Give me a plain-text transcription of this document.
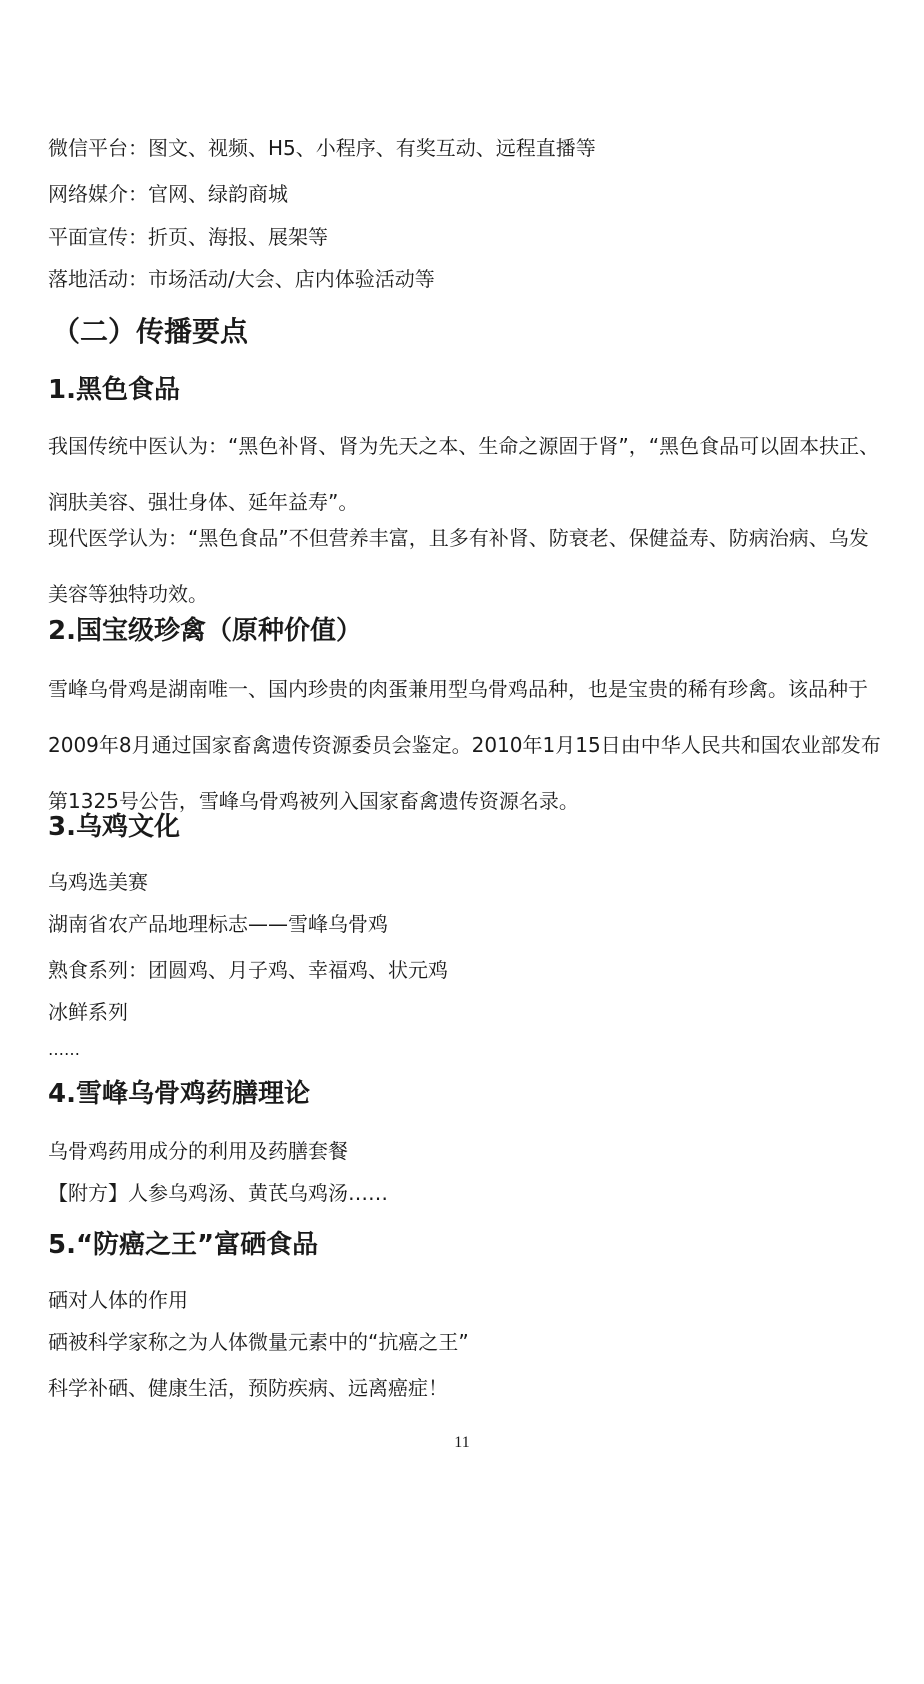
微信平台：图文、视频、H5、小程序、有奖互动、远程直播等
网络媒介：官网、绿韵商城
平面宣传：折页、海报、展架等
落地活动：市场活动/大会、店内体验活动等
（二）传播要点
1.黑色食品
我国传统中医认为：“黑色补肾、肾为先天之本、生命之源固于肾”，“黑色食品可以固本扶正、润肤美容、强壮身体、延年益寿”。
现代医学认为：“黑色食品”不但营养丰富，且多有补肾、防衰老、保健益寿、防病治病、乌发美容等独特功效。
2.国宝级珍禽（原种价值）
雪峰乌骨鸡是湖南唯一、国内珍贵的肉蛋兼用型乌骨鸡品种，也是宝贵的稀有珍禽。该品种于2009年8月通过国家畜禽遗传资源委员会鉴定。2010年1月15日由中华人民共和国农业部发布第1325号公告，雪峰乌骨鸡被列入国家畜禽遗传资源名录。
3.乌鸡文化
乌鸡选美赛
湖南省农产品地理标志——雪峰乌骨鸡
熟食系列：团圆鸡、月子鸡、幸福鸡、状元鸡
冰鲜系列
……
4.雪峰乌骨鸡药膳理论
乌骨鸡药用成分的利用及药膳套餐
【附方】人参乌鸡汤、黄芪乌鸡汤……
5.“防癌之王”富硒食品
硒对人体的作用
硒被科学家称之为人体微量元素中的“抗癌之王”
科学补硒、健康生活，预防疾病、远离癌症！
11
